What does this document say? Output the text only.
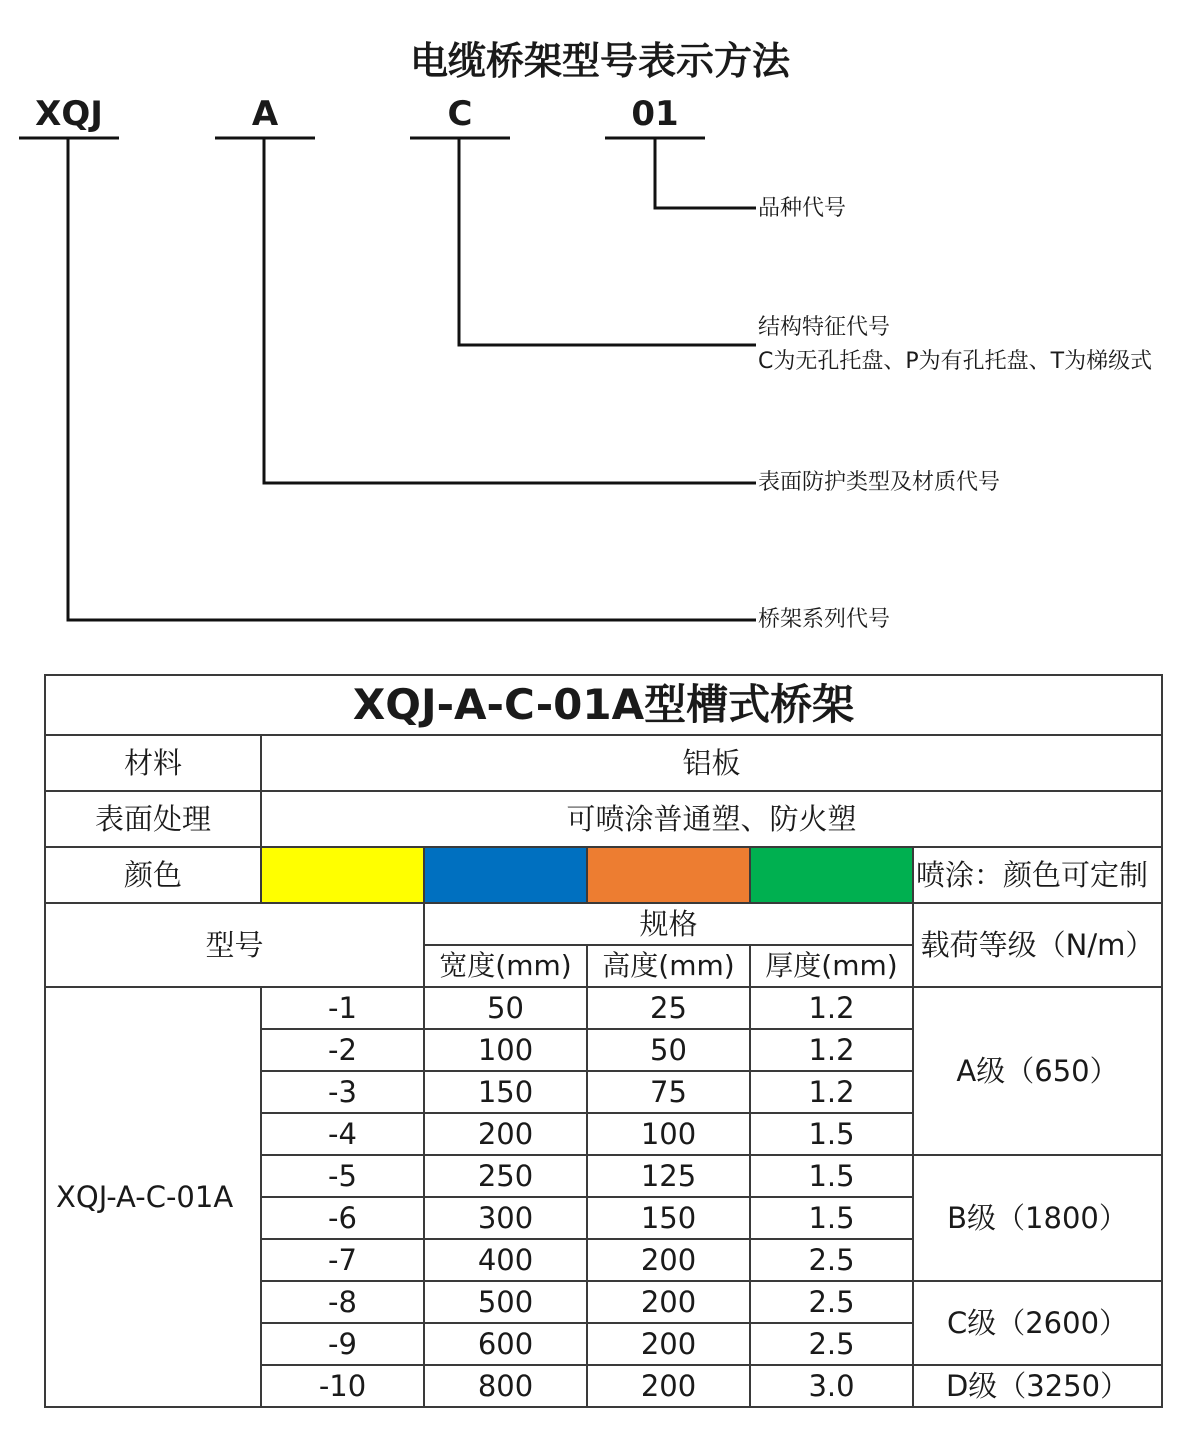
电缆桥架型号表示方法
XQJ	A	C	01
品种代号
结构特征代号
C为无孔托盘、P为有孔托盘、T为梯级式
表面防护类型及材质代号
桥架系列代号
XQJ-A-C-01A型槽式桥架					
材料	铝板				
表面处理	可喷涂普通塑、防火塑				
颜色					喷涂：颜色可定制
型号		规格			载荷等级（N/m）
		宽度(mm)	高度(mm)	厚度(mm)	
XQJ-A-C-01A	-1	50	25	1.2	A级（650）
	-2	100	50	1.2	
	-3	150	75	1.2	
	-4	200	100	1.5	
	-5	250	125	1.5	B级（1800）
	-6	300	150	1.5	
	-7	400	200	2.5	
	-8	500	200	2.5	C级（2600）
	-9	600	200	2.5	
	-10	800	200	3.0	D级（3250）
